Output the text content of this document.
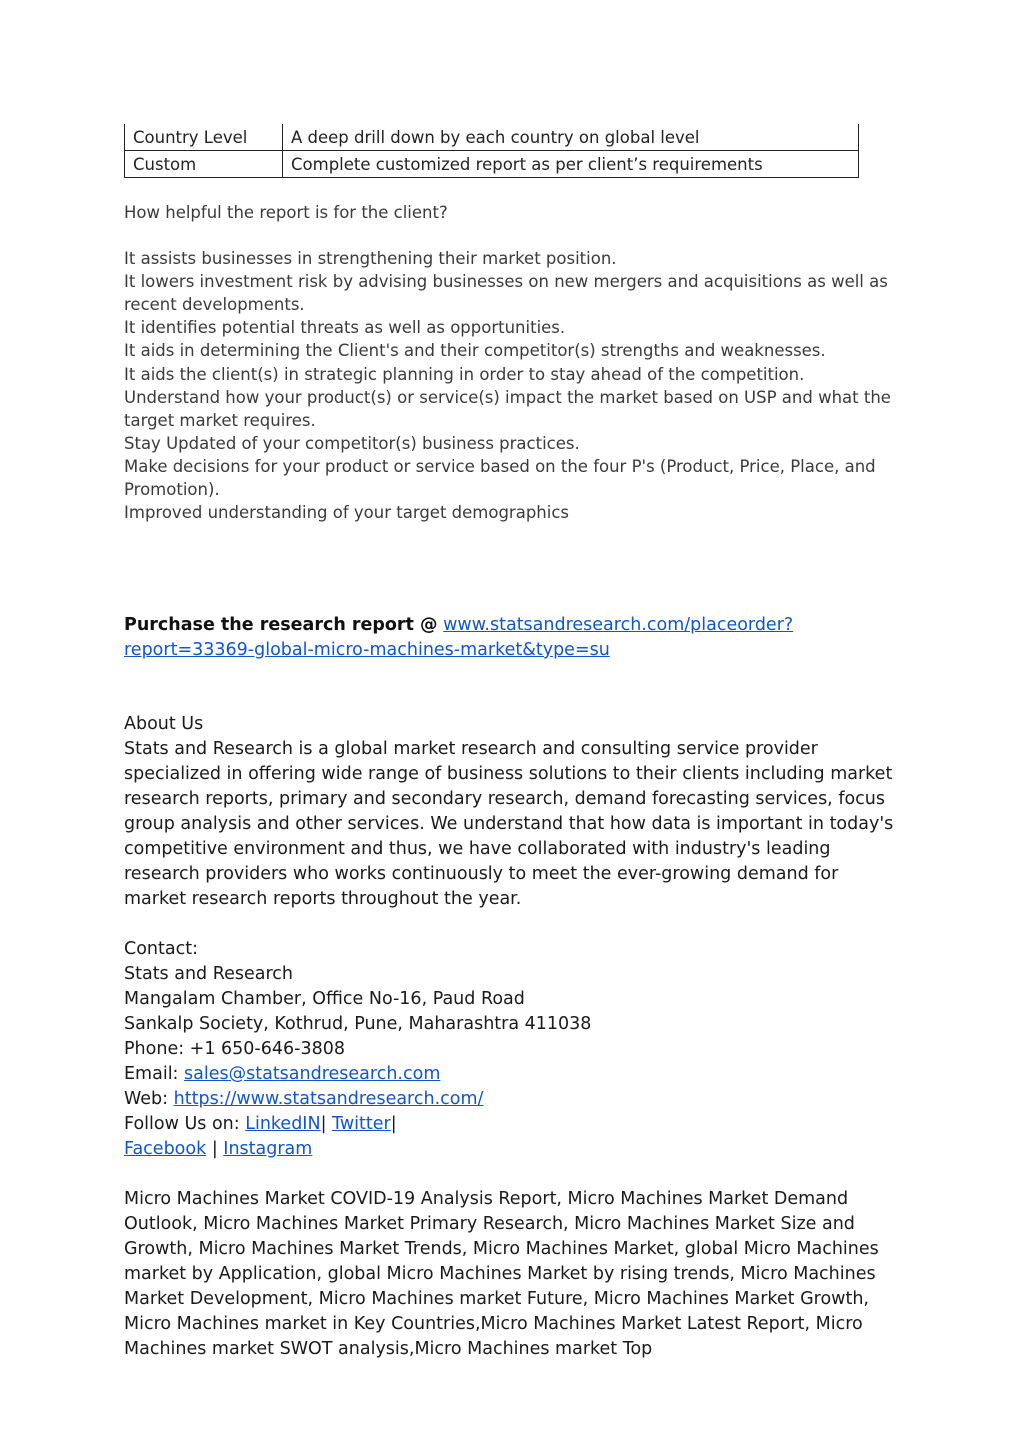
Country Level	A deep drill down by each country on global level
Custom	Complete customized report as per client’s requirements

How helpful the report is for the client?

It assists businesses in strengthening their market position.

It lowers investment risk by advising businesses on new mergers and acquisitions as well as recent developments.

It identifies potential threats as well as opportunities.

It aids in determining the Client's and their competitor(s) strengths and weaknesses.

It aids the client(s) in strategic planning in order to stay ahead of the competition.

Understand how your product(s) or service(s) impact the market based on USP and what the target market requires.

Stay Updated of your competitor(s) business practices.

Make decisions for your product or service based on the four P's (Product, Price, Place, and Promotion).

Improved understanding of your target demographics

Purchase the research report @ www.statsandresearch.com/placeorder?report=33369-global-micro-machines-market&type=su

About Us

Stats and Research is a global market research and consulting service provider specialized in offering wide range of business solutions to their clients including market research reports, primary and secondary research, demand forecasting services, focus group analysis and other services. We understand that how data is important in today's competitive environment and thus, we have collaborated with industry's leading research providers who works continuously to meet the ever-growing demand for market research reports throughout the year.

Contact:

Stats and Research

Mangalam Chamber, Office No-16, Paud Road

Sankalp Society, Kothrud, Pune, Maharashtra 411038

Phone: +1 650-646-3808

Email: sales@statsandresearch.com

Web: https://www.statsandresearch.com/

Follow Us on: LinkedIN| Twitter|

Facebook | Instagram

Micro Machines Market COVID-19 Analysis Report, Micro Machines Market Demand Outlook, Micro Machines Market Primary Research, Micro Machines Market Size and Growth, Micro Machines Market Trends, Micro Machines Market, global Micro Machines market by Application, global Micro Machines Market by rising trends, Micro Machines Market Development, Micro Machines market Future, Micro Machines Market Growth, Micro Machines market in Key Countries,Micro Machines Market Latest Report, Micro Machines market SWOT analysis,Micro Machines market Top
